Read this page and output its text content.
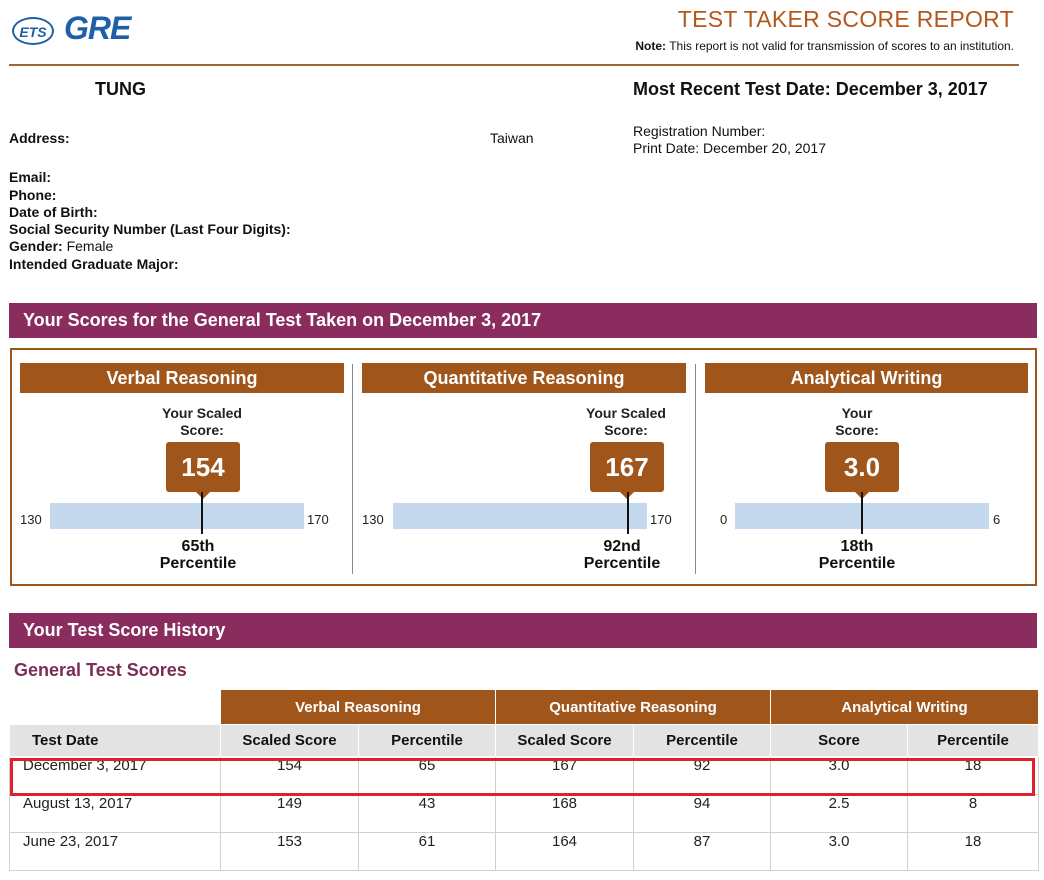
ETS GRE	TEST TAKER SCORE REPORT
Note: This report is not valid for transmission of scores to an institution.
TUNG	Most Recent Test Date: December 3, 2017
Address:	Taiwan	Registration Number:
Print Date: December 20, 2017
Email:
Phone:
Date of Birth:
Social Security Number (Last Four Digits):
Gender: Female
Intended Graduate Major:
Your Scores for the General Test Taken on December 3, 2017
Verbal Reasoning
Your Scaled
Score:
154
130	170
65th
Percentile
Quantitative Reasoning
Your Scaled
Score:
167
130	170
92nd
Percentile
Analytical Writing
Your
Score:
3.0
0	6
18th
Percentile
Your Test Score History
General Test Scores
	Verbal Reasoning		Quantitative Reasoning		Analytical Writing	
Test Date	Scaled Score	Percentile	Scaled Score	Percentile	Score	Percentile
December 3, 2017	154	65	167	92	3.0	18
August 13, 2017	149	43	168	94	2.5	8
June 23, 2017	153	61	164	87	3.0	18
